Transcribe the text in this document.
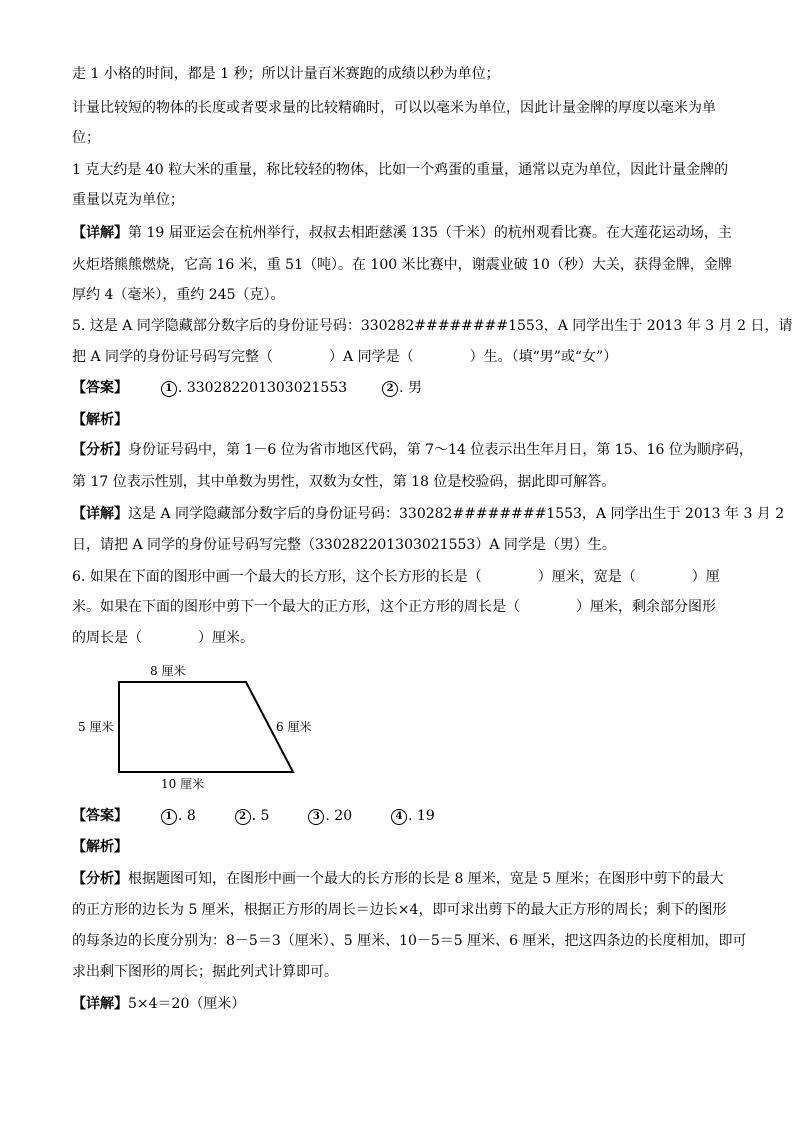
走 1 小格的时间，都是 1 秒；所以计量百米赛跑的成绩以秒为单位；
计量比较短的物体的长度或者要求量的比较精确时，可以以毫米为单位，因此计量金牌的厚度以毫米为单
位；
1 克大约是 40 粒大米的重量，称比较轻的物体，比如一个鸡蛋的重量，通常以克为单位，因此计量金牌的
重量以克为单位；
【详解】第 19 届亚运会在杭州举行，叔叔去相距慈溪 135（千米）的杭州观看比赛。在大莲花运动场，主
火炬塔熊熊燃烧，它高 16 米，重 51（吨）。在 100 米比赛中，谢震业破 10（秒）大关，获得金牌，金牌
厚约 4（毫米），重约 245（克）。
5. 这是 A 同学隐藏部分数字后的身份证号码：330282########1553，A 同学出生于 2013 年 3 月 2 日，请
把 A 同学的身份证号码写完整（　　　　）A 同学是（　　　　）生。（填“男”或“女”）
【答案】	1 . 330282201303021553	2 . 男
【解析】
【分析】身份证号码中，第 1－6 位为省市地区代码，第 7～14 位表示出生年月日，第 15、16 位为顺序码，
第 17 位表示性别，其中单数为男性，双数为女性，第 18 位是校验码，据此即可解答。
【详解】这是 A 同学隐藏部分数字后的身份证号码：330282########1553，A 同学出生于 2013 年 3 月 2
日，请把 A 同学的身份证号码写完整（330282201303021553）A 同学是（男）生。
6. 如果在下面的图形中画一个最大的长方形，这个长方形的长是（　　　　）厘米，宽是（　　　　）厘
米。如果在下面的图形中剪下一个最大的正方形，这个正方形的周长是（　　　　）厘米，剩余部分图形
的周长是（　　　　）厘米。
8 厘米
5 厘米	6 厘米
10 厘米
【答案】	1 . 8	2 . 5	3 . 20	4 . 19
【解析】
【分析】根据题图可知，在图形中画一个最大的长方形的长是 8 厘米，宽是 5 厘米；在图形中剪下的最大
的正方形的边长为 5 厘米，根据正方形的周长＝边长×4，即可求出剪下的最大正方形的周长；剩下的图形
的每条边的长度分别为：8－5＝3（厘米）、5 厘米、10－5＝5 厘米、6 厘米，把这四条边的长度相加，即可
求出剩下图形的周长；据此列式计算即可。
【详解】5×4＝20（厘米）
